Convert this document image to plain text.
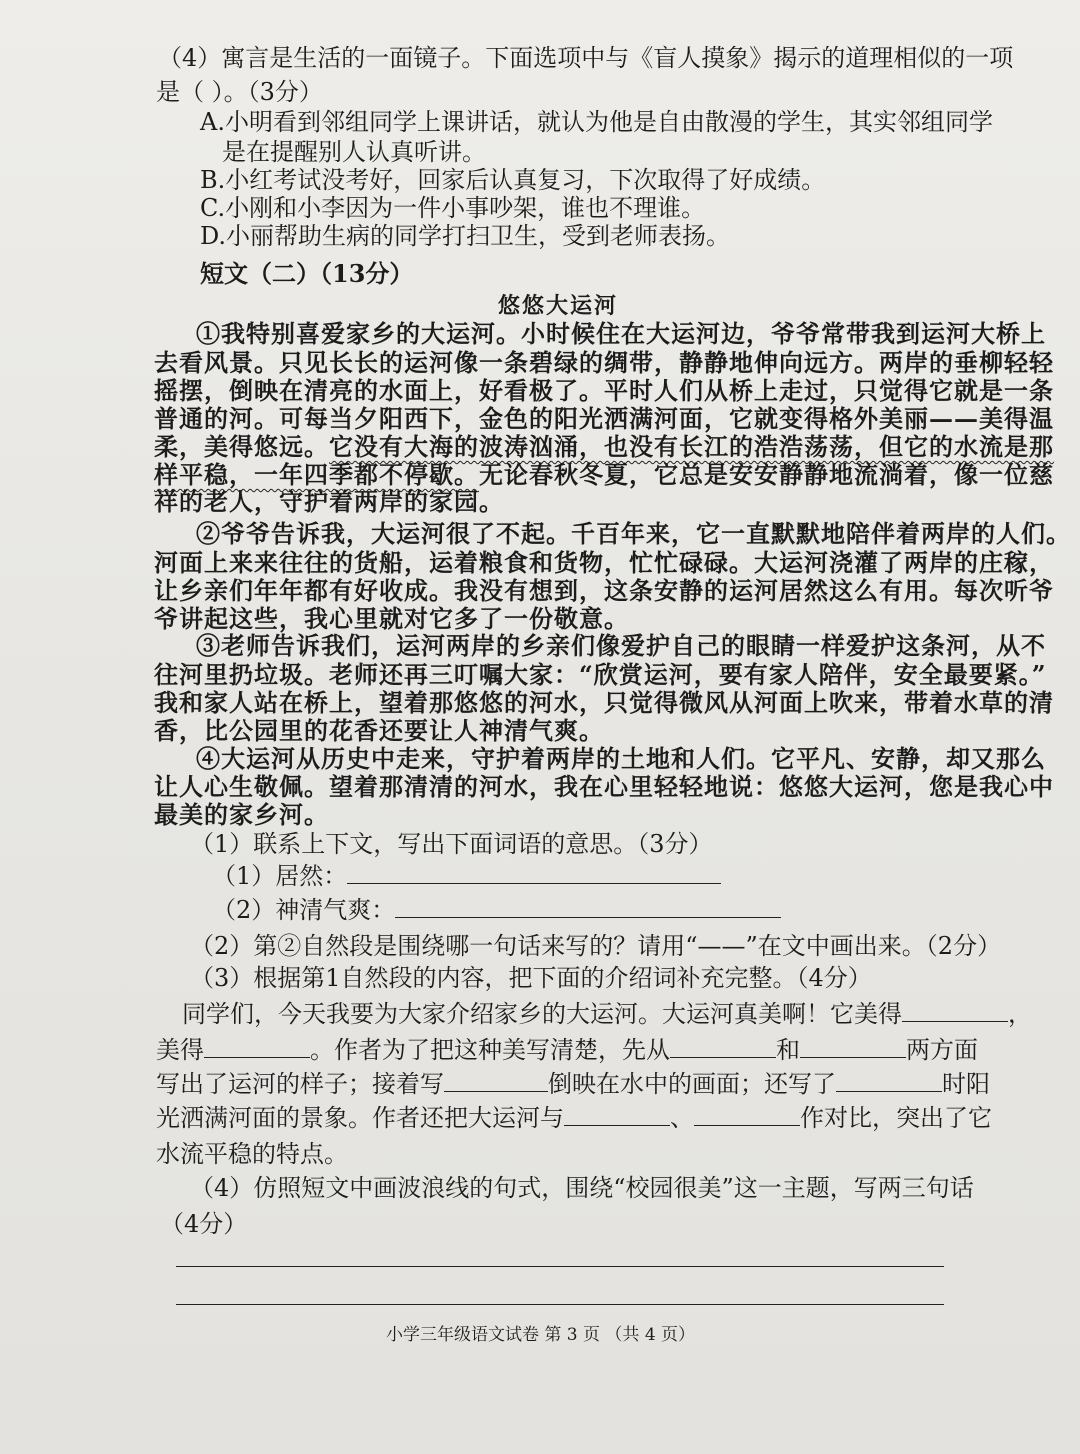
（4）寓言是生活的一面镜子。下面选项中与《盲人摸象》揭示的道理相似的一项
是（ ）。（3分）
A.小明看到邻组同学上课讲话，就认为他是自由散漫的学生，其实邻组同学
是在提醒别人认真听讲。
B.小红考试没考好，回家后认真复习，下次取得了好成绩。
C.小刚和小李因为一件小事吵架，谁也不理谁。
D.小丽帮助生病的同学打扫卫生，受到老师表扬。
短文（二）（13分）
悠悠大运河
①我特别喜爱家乡的大运河。小时候住在大运河边，爷爷常带我到运河大桥上
去看风景。只见长长的运河像一条碧绿的绸带，静静地伸向远方。两岸的垂柳轻轻
摇摆，倒映在清亮的水面上，好看极了。平时人们从桥上走过，只觉得它就是一条
普通的河。可每当夕阳西下，金色的阳光洒满河面，它就变得格外美丽——美得温
柔，美得悠远。它没有大海的波涛汹涌，也没有长江的浩浩荡荡，但它的水流是那
样平稳，一年四季都不停歇。无论春秋冬夏，它总是安安静静地流淌着，像一位慈
祥的老人，守护着两岸的家园。
②爷爷告诉我，大运河很了不起。千百年来，它一直默默地陪伴着两岸的人们。
河面上来来往往的货船，运着粮食和货物，忙忙碌碌。大运河浇灌了两岸的庄稼，
让乡亲们年年都有好收成。我没有想到，这条安静的运河居然这么有用。每次听爷
爷讲起这些，我心里就对它多了一份敬意。
③老师告诉我们，运河两岸的乡亲们像爱护自己的眼睛一样爱护这条河，从不
往河里扔垃圾。老师还再三叮嘱大家：“欣赏运河，要有家人陪伴，安全最要紧。”
我和家人站在桥上，望着那悠悠的河水，只觉得微风从河面上吹来，带着水草的清
香，比公园里的花香还要让人神清气爽。
④大运河从历史中走来，守护着两岸的土地和人们。它平凡、安静，却又那么
让人心生敬佩。望着那清清的河水，我在心里轻轻地说：悠悠大运河，您是我心中
最美的家乡河。
（1）联系上下文，写出下面词语的意思。（3分）
（1）居然：
（2）神清气爽：
（2）第②自然段是围绕哪一句话来写的？请用“——”在文中画出来。（2分）
（3）根据第1自然段的内容，把下面的介绍词补充完整。（4分）
同学们，今天我要为大家介绍家乡的大运河。大运河真美啊！它美得	，
美得	。作者为了把这种美写清楚，先从	和	两方面
写出了运河的样子；接着写	倒映在水中的画面；还写了	时阳
光洒满河面的景象。作者还把大运河与	、	作对比，突出了它
水流平稳的特点。
（4）仿照短文中画波浪线的句式，围绕“校园很美”这一主题，写两三句话
（4分）
小学三年级语文试卷 第 3 页 （共 4 页）
